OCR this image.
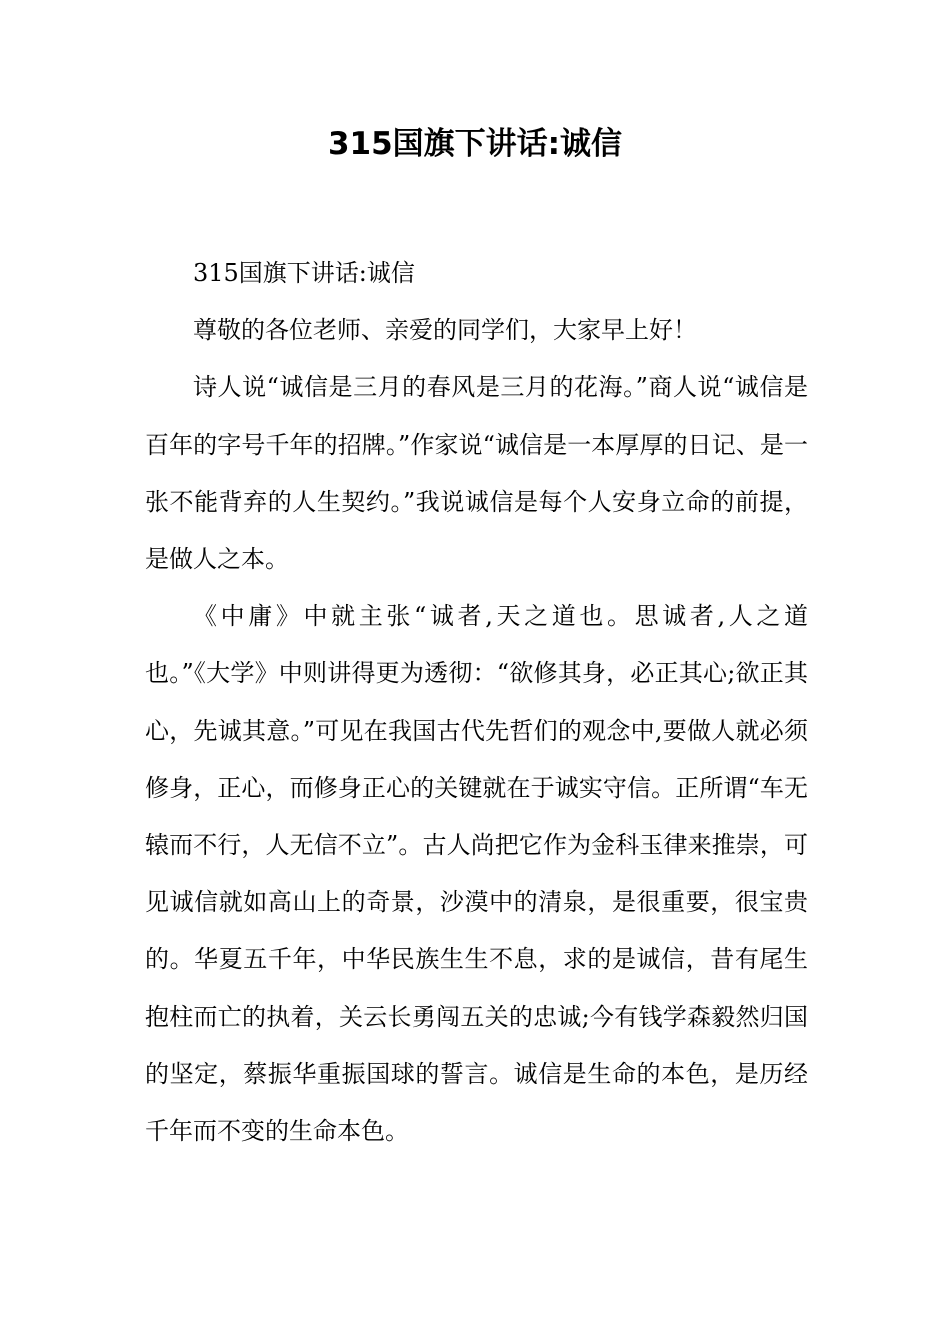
315国旗下讲话:诚信

315国旗下讲话:诚信

尊敬的各位老师、亲爱的同学们，大家早上好！

诗人说“诚信是三月的春风是三月的花海。”商人说“诚信是百年的字号千年的招牌。”作家说“诚信是一本厚厚的日记、是一张不能背弃的人生契约。”我说诚信是每个人安身立命的前提，是做人之本。

《中庸》中就主张“诚者,天之道也。思诚者,人之道也。”《大学》中则讲得更为透彻：“欲修其身，必正其心;欲正其心，先诚其意。”可见在我国古代先哲们的观念中,要做人就必须修身，正心，而修身正心的关键就在于诚实守信。正所谓“车无辕而不行，人无信不立”。古人尚把它作为金科玉律来推崇，可见诚信就如高山上的奇景，沙漠中的清泉，是很重要，很宝贵的。华夏五千年，中华民族生生不息，求的是诚信，昔有尾生抱柱而亡的执着，关云长勇闯五关的忠诚;今有钱学森毅然归国的坚定，蔡振华重振国球的誓言。诚信是生命的本色，是历经千年而不变的生命本色。
